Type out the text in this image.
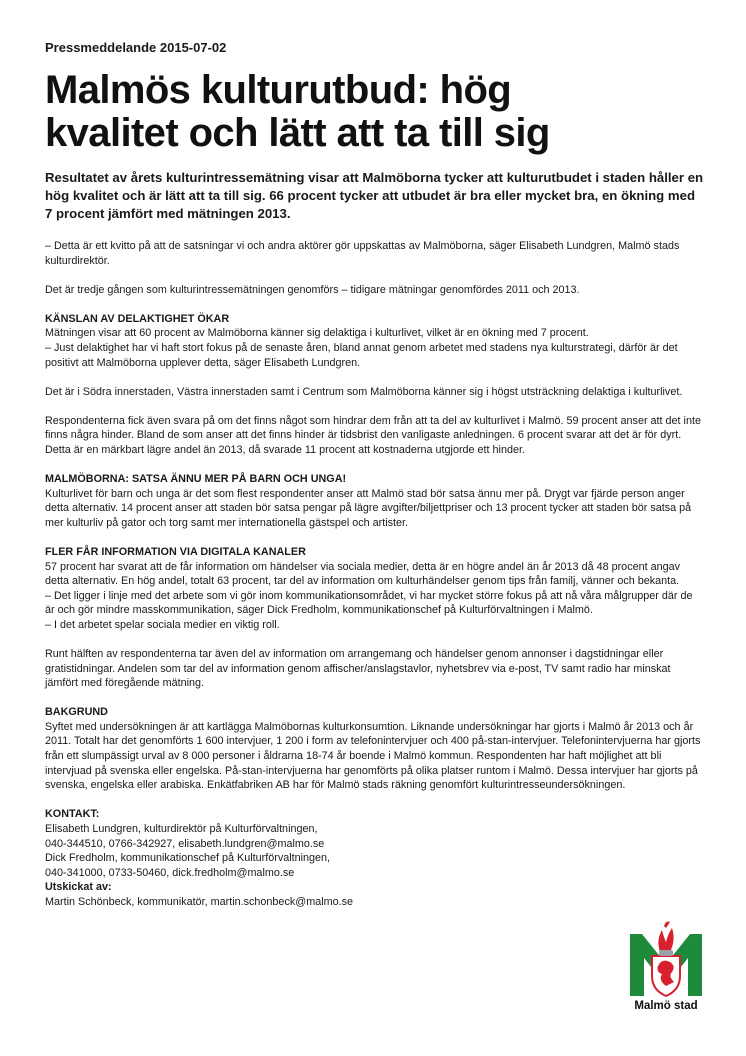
Pressmeddelande 2015-07-02

Malmös kulturutbud: hög
kvalitet och lätt att ta till sig

Resultatet av årets kulturintressemätning visar att Malmöborna tycker att kulturutbudet i staden håller en hög kvalitet och är lätt att ta till sig. 66 procent tycker att utbudet är bra eller mycket bra, en ökning med 7 procent jämfört med mätningen 2013.

– Detta är ett kvitto på att de satsningar vi och andra aktörer gör uppskattas av Malmöborna, säger Elisabeth Lundgren, Malmö stads kulturdirektör.

Det är tredje gången som kulturintressemätningen genomförs – tidigare mätningar genomfördes 2011 och 2013.

KÄNSLAN AV DELAKTIGHET ÖKAR

Mätningen visar att 60 procent av Malmöborna känner sig delaktiga i kulturlivet, vilket är en ökning med 7 procent.

– Just delaktighet har vi haft stort fokus på de senaste åren, bland annat genom arbetet med stadens nya kulturstrategi, därför är det positivt att Malmöborna upplever detta, säger Elisabeth Lundgren.

Det är i Södra innerstaden, Västra innerstaden samt i Centrum som Malmöborna känner sig i högst utsträckning delaktiga i kulturlivet.

Respondenterna fick även svara på om det finns något som hindrar dem från att ta del av kulturlivet i Malmö. 59 procent anser att det inte finns några hinder. Bland de som anser att det finns hinder är tidsbrist den vanligaste anledningen. 6 procent svarar att det är för dyrt. Detta är en märkbart lägre andel än 2013, då svarade 11 procent att kostnaderna utgjorde ett hinder.

MALMÖBORNA: SATSA ÄNNU MER PÅ BARN OCH UNGA!

Kulturlivet för barn och unga är det som flest respondenter anser att Malmö stad bör satsa ännu mer på. Drygt var fjärde person anger detta alternativ. 14 procent anser att staden bör satsa pengar på lägre avgifter/biljettpriser och 13 procent tycker att staden bör satsa på mer kulturliv på gator och torg samt mer internationella gästspel och artister.

FLER FÅR INFORMATION VIA DIGITALA KANALER

57 procent har svarat att de får information om händelser via sociala medier, detta är en högre andel än år 2013 då 48 procent angav detta alternativ. En hög andel, totalt 63 procent, tar del av information om kulturhändelser genom tips från familj, vänner och bekanta.

– Det ligger i linje med det arbete som vi gör inom kommunikationsområdet, vi har mycket större fokus på att nå våra målgrupper där de är och gör mindre masskommunikation, säger Dick Fredholm, kommunikationschef på Kulturförvaltningen i Malmö.

– I det arbetet spelar sociala medier en viktig roll.

Runt hälften av respondenterna tar även del av information om arrangemang och händelser genom annonser i dagstidningar eller gratistidningar. Andelen som tar del av information genom affischer/anslagstavlor, nyhetsbrev via e-post, TV samt radio har minskat jämfört med föregående mätning.

BAKGRUND

Syftet med undersökningen är att kartlägga Malmöbornas kulturkonsumtion. Liknande undersökningar har gjorts i Malmö år 2013 och år 2011. Totalt har det genomförts 1 600 intervjuer, 1 200 i form av telefonintervjuer och 400 på-stan-intervjuer. Telefonintervjuerna har gjorts från ett slumpässigt urval av 8 000 personer i åldrarna 18-74 år boende i Malmö kommun. Respondenten har haft möjlighet att bli intervjuad på svenska eller engelska. På-stan-intervjuerna har genomförts på olika platser runtom i Malmö. Dessa intervjuer har gjorts på svenska, engelska eller arabiska. Enkätfabriken AB har för Malmö stads räkning genomfört kulturintresseundersökningen.

KONTAKT:

Elisabeth Lundgren, kulturdirektör på Kulturförvaltningen,

040-344510, 0766-342927, elisabeth.lundgren@malmo.se

Dick Fredholm, kommunikationschef på Kulturförvaltningen,

040-341000, 0733-50460, dick.fredholm@malmo.se

Utskickat av:

Martin Schönbeck, kommunikatör, martin.schonbeck@malmo.se

Malmö stad
